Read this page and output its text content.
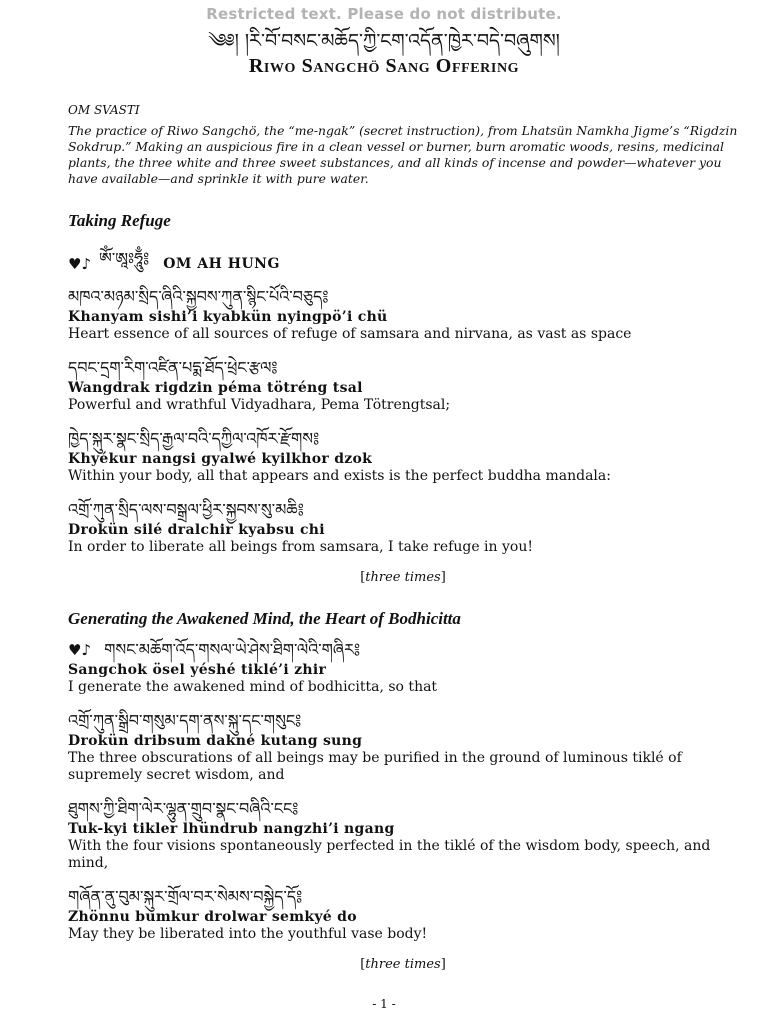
Restricted text. Please do not distribute.
༄༅། །རི་བོ་བསང་མཆོད་ཀྱི་ངག་འདོན་ཁྱེར་བདེ་བཞུགས།
Riwo Sangchö Sang Offering

OM SVASTI

The practice of Riwo Sangchö, the “me-ngak” (secret instruction), from Lhatsün Namkha Jigme’s “Rigdzin Sokdrup.” Making an auspicious fire in a clean vessel or burner, burn aromatic woods, resins, medicinal plants, the three white and three sweet substances, and all kinds of incense and powder—whatever you have available—and sprinkle it with pure water.

Taking Refuge
♥♪ ཨོཾ་ཨཱཿཧཱུྃ༔ OM AH HUNG
མཁའ་མཉམ་སྲིད་ཞིའི་སྐྱབས་ཀུན་སྙིང་པོའི་བཅུད༔
Khanyam sishi’i kyabkün nyingpö’i chü
Heart essence of all sources of refuge of samsara and nirvana, as vast as space
དབང་དྲག་རིག་འཛིན་པདྨ་ཐོད་ཕྲེང་རྩལ༔
Wangdrak rigdzin péma tötréng tsal
Powerful and wrathful Vidyadhara, Pema Tötrengtsal;
ཁྱེད་སྐུར་སྣང་སྲིད་རྒྱལ་བའི་དཀྱིལ་འཁོར་རྫོགས༔
Khyékur nangsi gyalwé kyilkhor dzok
Within your body, all that appears and exists is the perfect buddha mandala:
འགྲོ་ཀུན་སྲིད་ལས་བསྒྲལ་ཕྱིར་སྐྱབས་སུ་མཆི༔
Drokün silé dralchir kyabsu chi
In order to liberate all beings from samsara, I take refuge in you!
[three times]
Generating the Awakened Mind, the Heart of Bodhicitta
♥♪ གསང་མཆོག་འོད་གསལ་ཡེ་ཤེས་ཐིག་ལེའི་གཞིར༔
Sangchok ösel yéshé tiklé’i zhir
I generate the awakened mind of bodhicitta, so that
འགྲོ་ཀུན་སྒྲིབ་གསུམ་དག་ནས་སྐུ་དང་གསུང༔
Drokün dribsum dakné kutang sung
The three obscurations of all beings may be purified in the ground of luminous tiklé of supremely secret wisdom, and
ཐུགས་ཀྱི་ཐིག་ལེར་ལྷུན་གྲུབ་སྣང་བཞིའི་ངང༔
Tuk-kyi tikler lhündrub nangzhi’i ngang
With the four visions spontaneously perfected in the tiklé of the wisdom body, speech, and mind,
གཞོན་ནུ་བུམ་སྐུར་གྲོལ་བར་སེམས་བསྐྱེད་དོ༔
Zhönnu bumkur drolwar semkyé do
May they be liberated into the youthful vase body!
[three times]
- 1 -
